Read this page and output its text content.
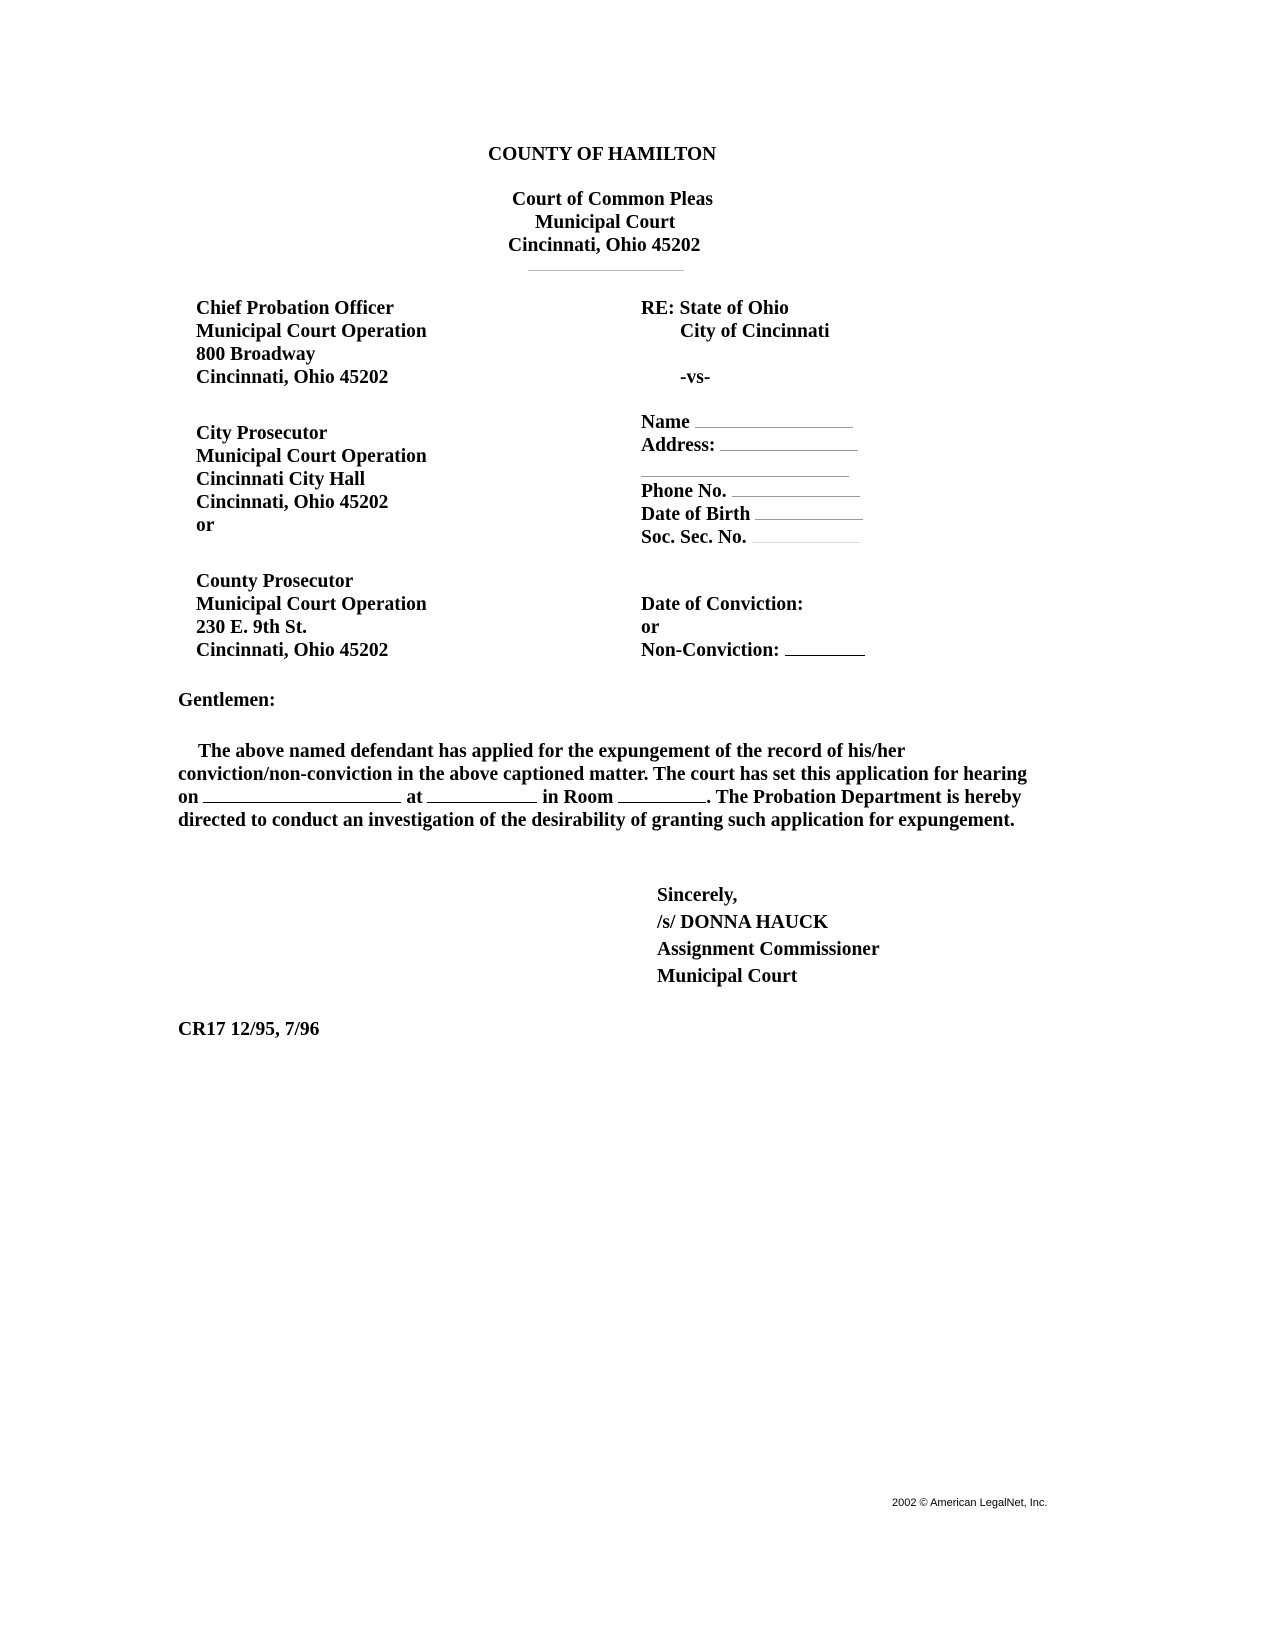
COUNTY OF HAMILTON
Court of Common Pleas
Municipal Court
Cincinnati, Ohio 45202
Chief Probation Officer
Municipal Court Operation
800 Broadway
Cincinnati, Ohio 45202
City Prosecutor
Municipal Court Operation
Cincinnati City Hall
Cincinnati, Ohio 45202
or
County Prosecutor
Municipal Court Operation
230 E. 9th St.
Cincinnati, Ohio 45202
RE: State of Ohio
City of Cincinnati
-vs-
Name
Address:
Phone No.
Date of Birth
Soc. Sec. No.
Date of Conviction:
or
Non-Conviction:
Gentlemen:
The above named defendant has applied for the expungement of the record of his/her conviction/non-conviction in the above captioned matter. The court has set this application for hearing on	at	in Room	. The Probation Department is hereby directed to conduct an investigation of the desirability of granting such application for expungement.
Sincerely,
/s/ DONNA HAUCK
Assignment Commissioner
Municipal Court
CR17 12/95, 7/96
2002 © American LegalNet, Inc.
